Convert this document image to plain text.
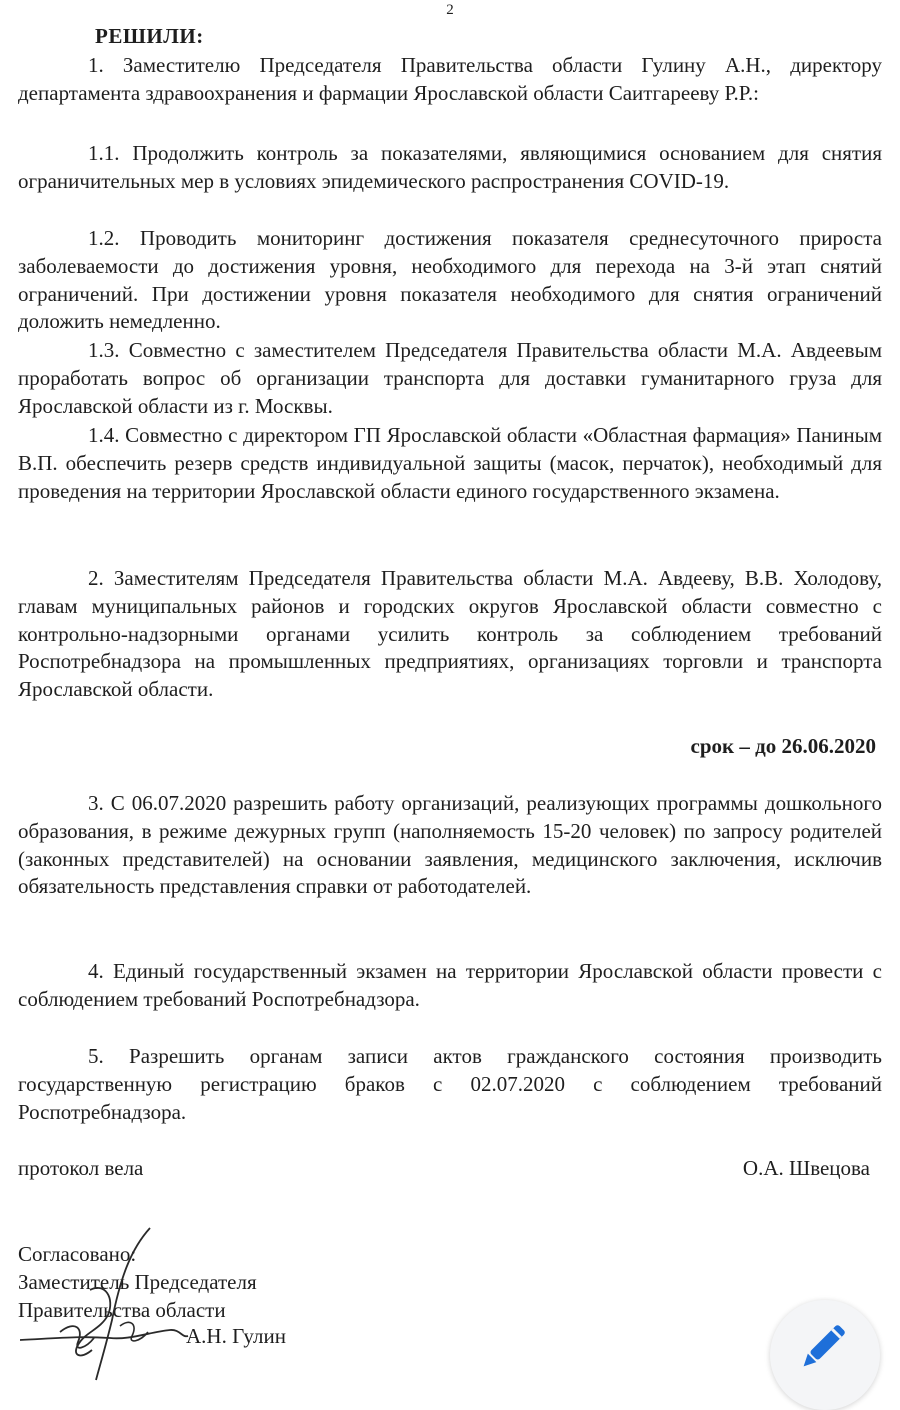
2
РЕШИЛИ:
1. Заместителю Председателя Правительства области Гулину А.Н., директору департамента здравоохранения и фармации Ярославской области Саитгарееву Р.Р.:
1.1. Продолжить контроль за показателями, являющимися основанием для снятия ограничительных мер в условиях эпидемического распространения COVID-19.
1.2. Проводить мониторинг достижения показателя среднесуточного прироста заболеваемости до достижения уровня, необходимого для перехода на 3-й этап снятий ограничений. При достижении уровня показателя необходимого для снятия ограничений доложить немедленно.
1.3. Совместно с заместителем Председателя Правительства области М.А. Авдеевым проработать вопрос об организации транспорта для доставки гуманитарного груза для Ярославской области из г. Москвы.
1.4. Совместно с директором ГП Ярославской области «Областная фармация» Паниным В.П. обеспечить резерв средств индивидуальной защиты (масок, перчаток), необходимый для проведения на территории Ярославской области единого государственного экзамена.
2. Заместителям Председателя Правительства области М.А. Авдееву, В.В. Холодову, главам муниципальных районов и городских округов Ярославской области совместно с контрольно-надзорными органами усилить контроль за соблюдением требований Роспотребнадзора на промышленных предприятиях, организациях торговли и транспорта Ярославской области.
срок – до 26.06.2020
3. С 06.07.2020 разрешить работу организаций, реализующих программы дошкольного образования, в режиме дежурных групп (наполняемость 15-20 человек) по запросу родителей (законных представителей) на основании заявления, медицинского заключения, исключив обязательность представления справки от работодателей.
4. Единый государственный экзамен на территории Ярославской области провести с соблюдением требований Роспотребнадзора.
5. Разрешить органам записи актов гражданского состояния производить государственную регистрацию браков с 02.07.2020 с соблюдением требований Роспотребнадзора.
протокол вела	О.А. Швецова
Согласовано:
Заместитель Председателя
Правительства области
А.Н. Гулин
